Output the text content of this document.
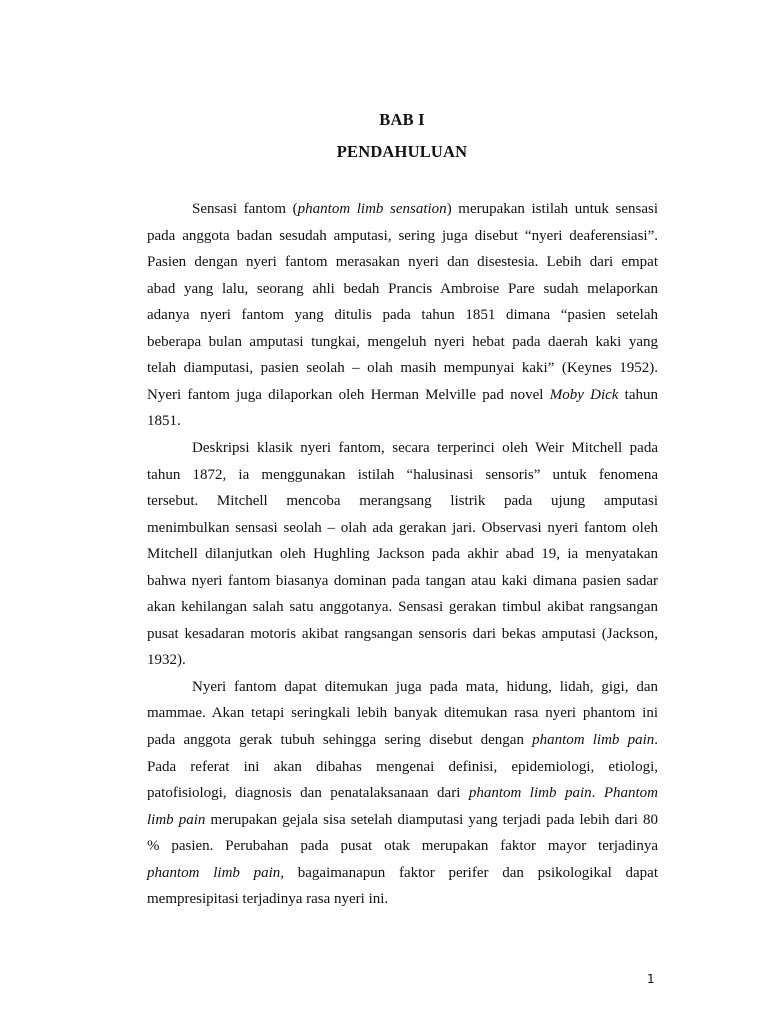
BAB I
PENDAHULUAN
Sensasi fantom (phantom limb sensation) merupakan istilah untuk sensasi
pada anggota badan sesudah amputasi, sering juga disebut “nyeri deaferensiasi”.
Pasien dengan nyeri fantom merasakan nyeri dan disestesia. Lebih dari empat
abad yang lalu, seorang ahli bedah Prancis Ambroise Pare sudah melaporkan
adanya nyeri fantom yang ditulis pada tahun 1851 dimana “pasien setelah
beberapa bulan amputasi tungkai, mengeluh nyeri hebat pada daerah kaki yang
telah diamputasi, pasien seolah – olah masih mempunyai kaki” (Keynes 1952).
Nyeri fantom juga dilaporkan oleh Herman Melville pad novel Moby Dick tahun
1851.
Deskripsi klasik nyeri fantom, secara terperinci oleh Weir Mitchell pada
tahun 1872, ia menggunakan istilah “halusinasi sensoris” untuk fenomena
tersebut. Mitchell mencoba merangsang listrik pada ujung amputasi
menimbulkan sensasi seolah – olah ada gerakan jari. Observasi nyeri fantom oleh
Mitchell dilanjutkan oleh Hughling Jackson pada akhir abad 19, ia menyatakan
bahwa nyeri fantom biasanya dominan pada tangan atau kaki dimana pasien sadar
akan kehilangan salah satu anggotanya. Sensasi gerakan timbul akibat rangsangan
pusat kesadaran motoris akibat rangsangan sensoris dari bekas amputasi (Jackson,
1932).
Nyeri fantom dapat ditemukan juga pada mata, hidung, lidah, gigi, dan
mammae. Akan tetapi seringkali lebih banyak ditemukan rasa nyeri phantom ini
pada anggota gerak tubuh sehingga sering disebut dengan phantom limb pain.
Pada referat ini akan dibahas mengenai definisi, epidemiologi, etiologi,
patofisiologi, diagnosis dan penatalaksanaan dari phantom limb pain. Phantom
limb pain merupakan gejala sisa setelah diamputasi yang terjadi pada lebih dari 80
% pasien. Perubahan pada pusat otak merupakan faktor mayor terjadinya
phantom limb pain, bagaimanapun faktor perifer dan psikologikal dapat
mempresipitasi terjadinya rasa nyeri ini.
1
